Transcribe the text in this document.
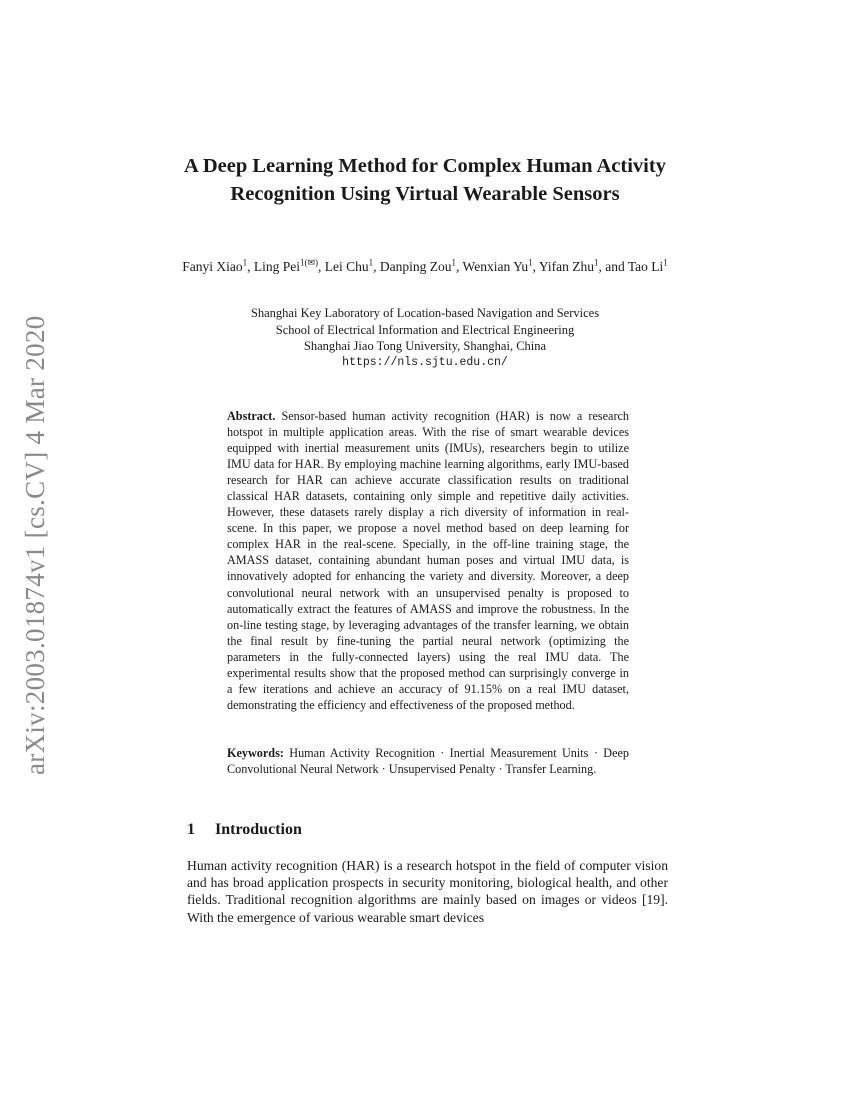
arXiv:2003.01874v1 [cs.CV] 4 Mar 2020
A Deep Learning Method for Complex Human Activity Recognition Using Virtual Wearable Sensors
Fanyi Xiao$^1$, Ling Pei$^{1(✉)}$, Lei Chu$^1$, Danping Zou$^1$, Wenxian Yu$^1$, Yifan Zhu$^1$, and Tao Li$^1$
Shanghai Key Laboratory of Location-based Navigation and Services
School of Electrical Information and Electrical Engineering
Shanghai Jiao Tong University, Shanghai, China
https://nls.sjtu.edu.cn/
Abstract. Sensor-based human activity recognition (HAR) is now a research hotspot in multiple application areas. With the rise of smart wearable devices equipped with inertial measurement units (IMUs), researchers begin to utilize IMU data for HAR. By employing machine learning algorithms, early IMU-based research for HAR can achieve accurate classification results on traditional classical HAR datasets, containing only simple and repetitive daily activities. However, these datasets rarely display a rich diversity of information in real-scene. In this paper, we propose a novel method based on deep learning for complex HAR in the real-scene. Specially, in the off-line training stage, the AMASS dataset, containing abundant human poses and virtual IMU data, is innovatively adopted for enhancing the variety and diversity. Moreover, a deep convolutional neural network with an unsupervised penalty is proposed to automatically extract the features of AMASS and improve the robustness. In the on-line testing stage, by leveraging advantages of the transfer learning, we obtain the final result by fine-tuning the partial neural network (optimizing the parameters in the fully-connected layers) using the real IMU data. The experimental results show that the proposed method can surprisingly converge in a few iterations and achieve an accuracy of 91.15% on a real IMU dataset, demonstrating the efficiency and effectiveness of the proposed method.
Keywords: Human Activity Recognition · Inertial Measurement Units · Deep Convolutional Neural Network · Unsupervised Penalty · Transfer Learning.
1 Introduction
Human activity recognition (HAR) is a research hotspot in the field of computer vision and has broad application prospects in security monitoring, biological health, and other fields. Traditional recognition algorithms are mainly based on images or videos [19]. With the emergence of various wearable smart devices
